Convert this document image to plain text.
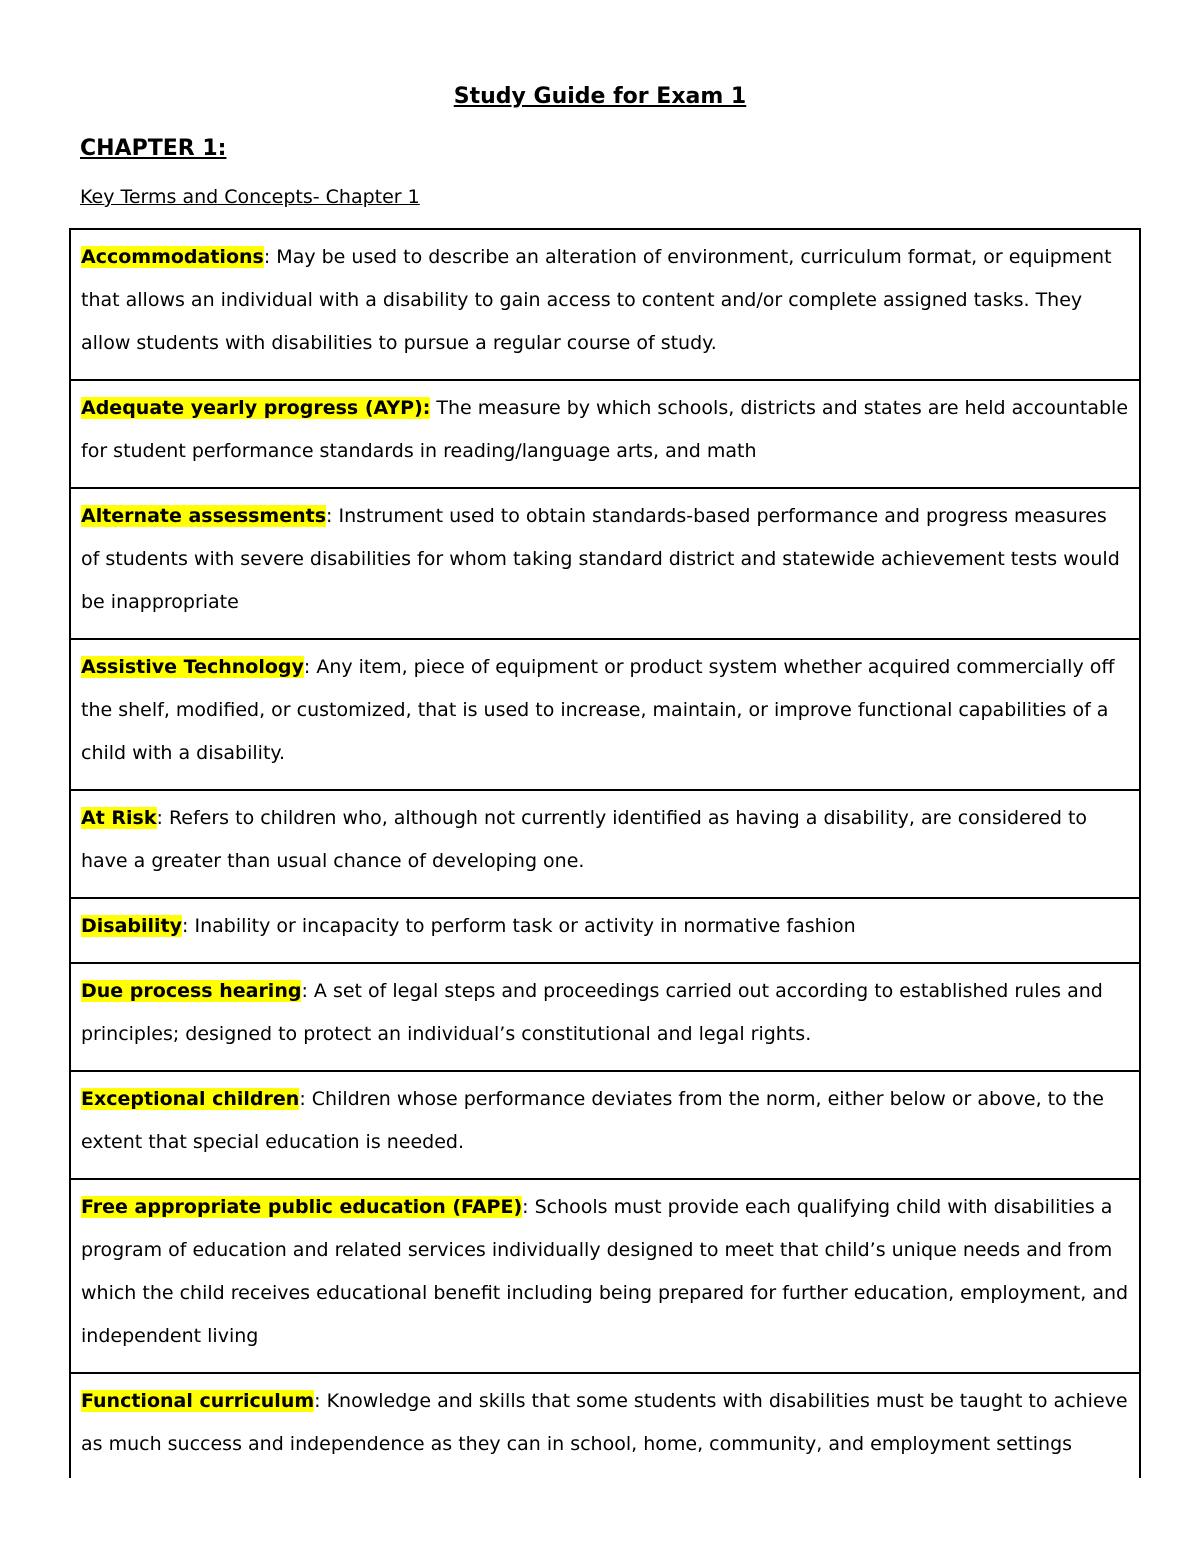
Study Guide for Exam 1
CHAPTER 1:
Key Terms and Concepts- Chapter 1
Accommodations: May be used to describe an alteration of environment, curriculum format, or equipment that allows an individual with a disability to gain access to content and/or complete assigned tasks. They allow students with disabilities to pursue a regular course of study.
Adequate yearly progress (AYP): The measure by which schools, districts and states are held accountable for student performance standards in reading/language arts, and math
Alternate assessments: Instrument used to obtain standards-based performance and progress measures of students with severe disabilities for whom taking standard district and statewide achievement tests would be inappropriate
Assistive Technology: Any item, piece of equipment or product system whether acquired commercially off the shelf, modified, or customized, that is used to increase, maintain, or improve functional capabilities of a child with a disability.
At Risk: Refers to children who, although not currently identified as having a disability, are considered to have a greater than usual chance of developing one.
Disability: Inability or incapacity to perform task or activity in normative fashion
Due process hearing: A set of legal steps and proceedings carried out according to established rules and principles; designed to protect an individual’s constitutional and legal rights.
Exceptional children: Children whose performance deviates from the norm, either below or above, to the extent that special education is needed.
Free appropriate public education (FAPE): Schools must provide each qualifying child with disabilities a program of education and related services individually designed to meet that child’s unique needs and from which the child receives educational benefit including being prepared for further education, employment, and independent living
Functional curriculum: Knowledge and skills that some students with disabilities must be taught to achieve as much success and independence as they can in school, home, community, and employment settings
